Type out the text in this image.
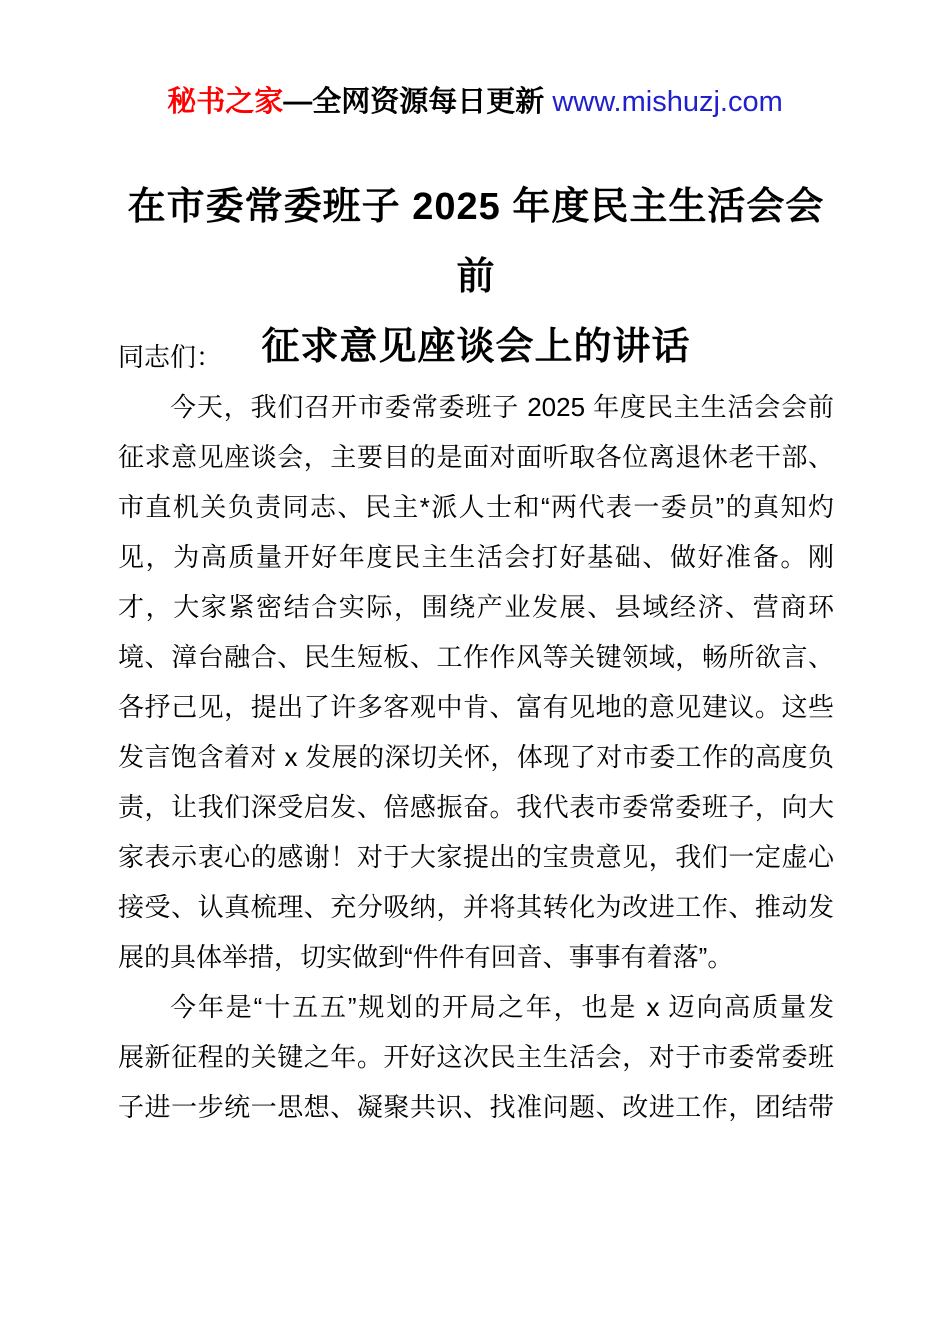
秘书之家—全网资源每日更新 www.mishuzj.com
在市委常委班子 2025 年度民主生活会会前
征求意见座谈会上的讲话
同志们：
今天，我们召开市委常委班子 2025 年度民主生活会会前
征求意见座谈会，主要目的是面对面听取各位离退休老干部、
市直机关负责同志、民主*派人士和“两代表一委员”的真知灼
见，为高质量开好年度民主生活会打好基础、做好准备。刚
才，大家紧密结合实际，围绕产业发展、县域经济、营商环
境、漳台融合、民生短板、工作作风等关键领域，畅所欲言、
各抒己见，提出了许多客观中肯、富有见地的意见建议。这些
发言饱含着对 x 发展的深切关怀，体现了对市委工作的高度负
责，让我们深受启发、倍感振奋。我代表市委常委班子，向大
家表示衷心的感谢！对于大家提出的宝贵意见，我们一定虚心
接受、认真梳理、充分吸纳，并将其转化为改进工作、推动发
展的具体举措，切实做到“件件有回音、事事有着落”。
今年是“十五五”规划的开局之年，也是 x 迈向高质量发
展新征程的关键之年。开好这次民主生活会，对于市委常委班
子进一步统一思想、凝聚共识、找准问题、改进工作，团结带
